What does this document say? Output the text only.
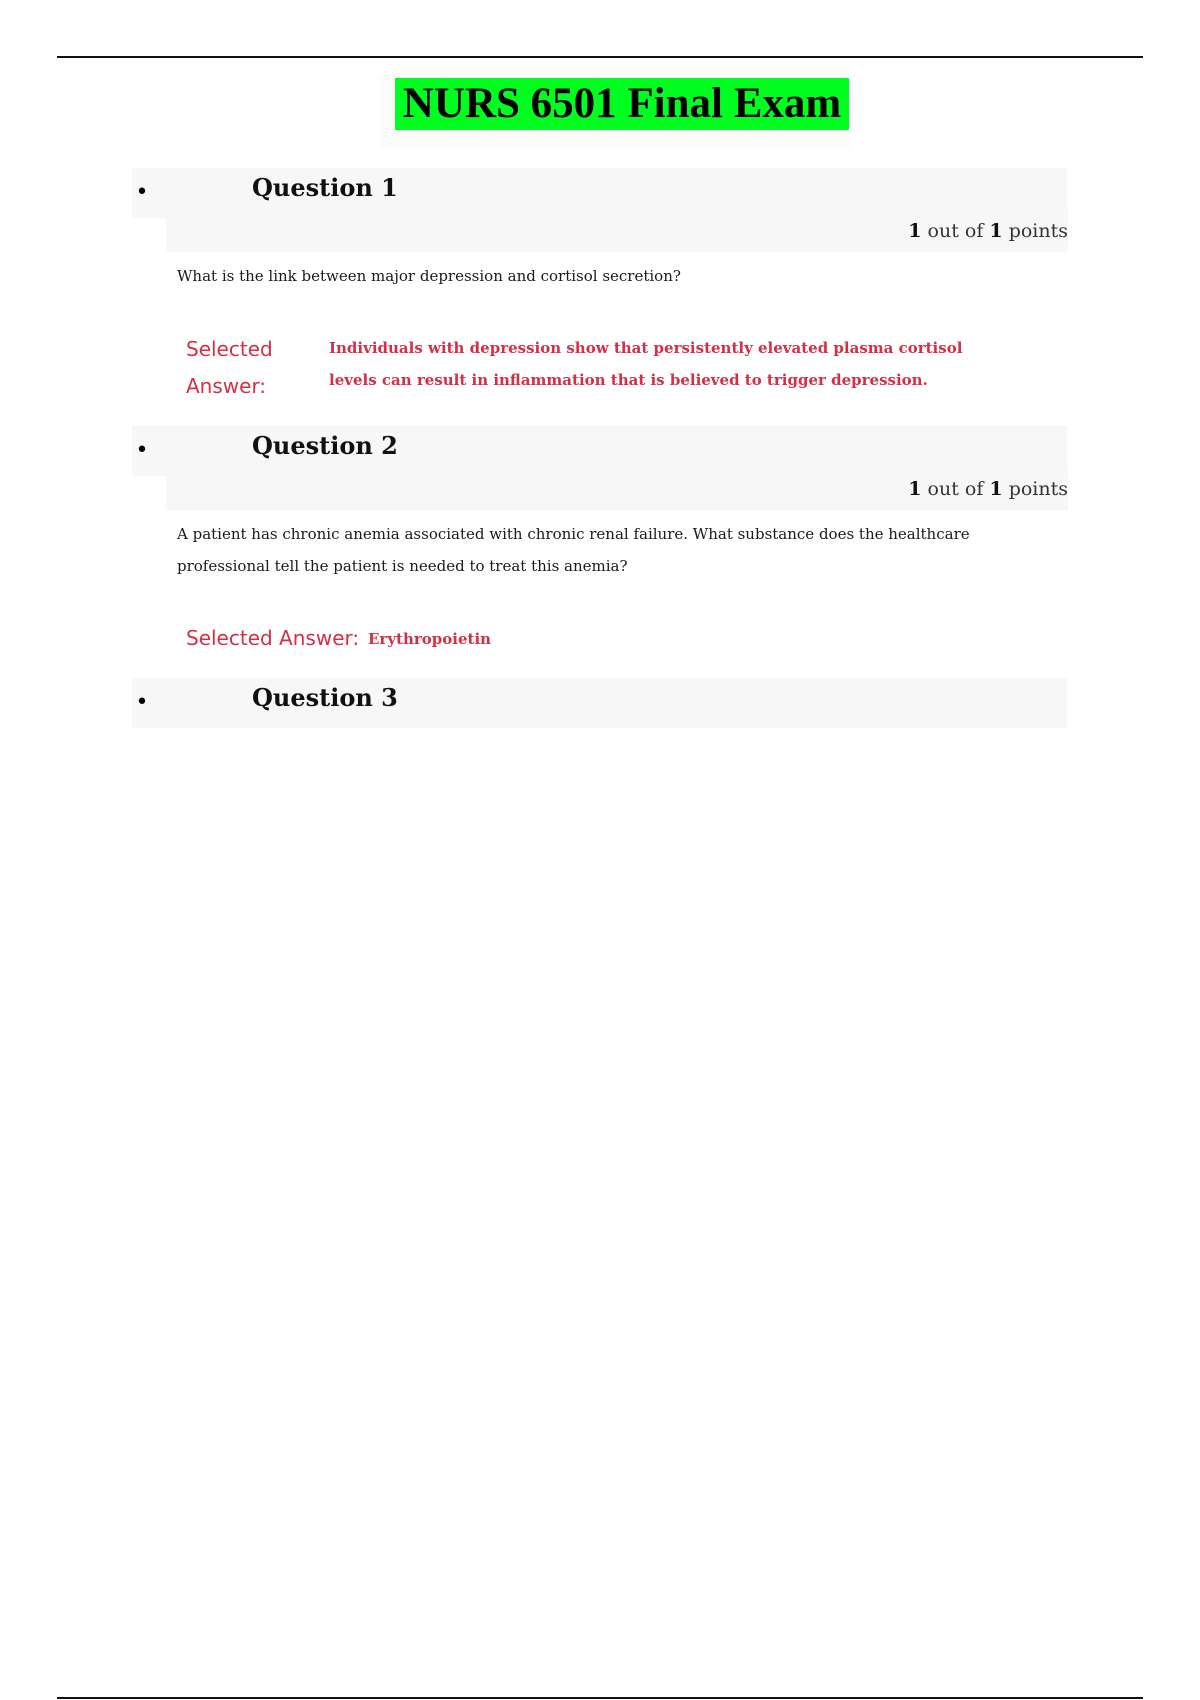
NURS 6501 Final Exam
•	Question 1
1 out of 1 points
What is the link between major depression and cortisol secretion?
Selected
Answer:
Individuals with depression show that persistently elevated plasma cortisol levels can result in inflammation that is believed to trigger depression.
•	Question 2
1 out of 1 points
A patient has chronic anemia associated with chronic renal failure. What substance does the healthcare professional tell the patient is needed to treat this anemia?
Selected Answer: Erythropoietin
•	Question 3
